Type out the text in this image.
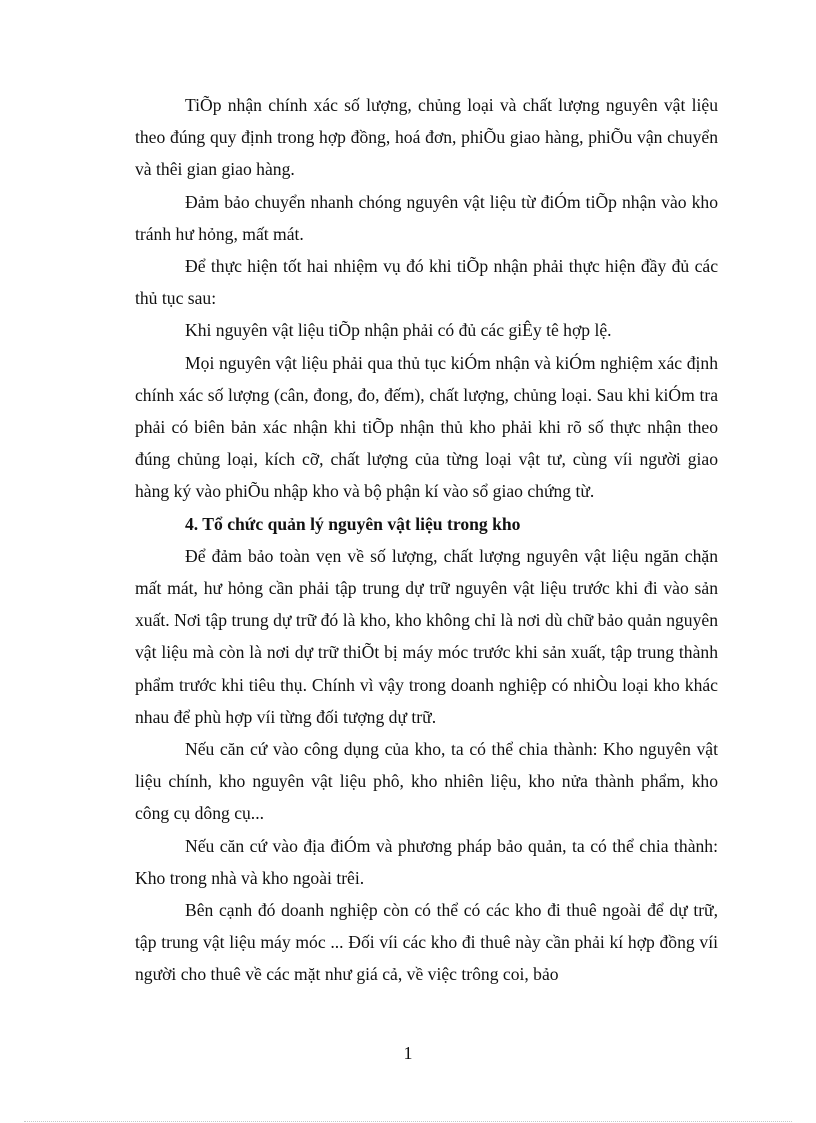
TiÕp nhận chính xác số lượng, chủng loại và chất lượng nguyên vật liệu theo đúng quy định trong hợp đồng, hoá đơn, phiÕu giao hàng, phiÕu vận chuyển và thêi gian giao hàng.

Đảm bảo chuyển nhanh chóng nguyên vật liệu từ điÓm tiÕp nhận vào kho tránh hư hỏng, mất mát.

Để thực hiện tốt hai nhiệm vụ đó khi tiÕp nhận phải thực hiện đầy đủ các thủ tục sau:

Khi nguyên vật liệu tiÕp nhận phải có đủ các giÊy tê hợp lệ.

Mọi nguyên vật liệu phải qua thủ tục kiÓm nhận và kiÓm nghiệm xác định chính xác số lượng (cân, đong, đo, đếm), chất lượng, chủng loại. Sau khi kiÓm tra phải có biên bản xác nhận khi tiÕp nhận thủ kho phải khi rõ số thực nhận theo đúng chủng loại, kích cỡ, chất lượng của từng loại vật tư, cùng víi người giao hàng ký vào phiÕu nhập kho và bộ phận kí vào sổ giao chứng từ.

4. Tổ chức quản lý nguyên vật liệu trong kho

Để đảm bảo toàn vẹn về số lượng, chất lượng nguyên vật liệu ngăn chặn mất mát, hư hỏng cần phải tập trung dự trữ nguyên vật liệu trước khi đi vào sản xuất. Nơi tập trung dự trữ đó là kho, kho không chỉ là nơi dù chữ bảo quản nguyên vật liệu mà còn là nơi dự trữ thiÕt bị máy móc trước khi sản xuất, tập trung thành phẩm trước khi tiêu thụ. Chính vì vậy trong doanh nghiệp có nhiÒu loại kho khác nhau để phù hợp víi từng đối tượng dự trữ.

Nếu căn cứ vào công dụng của kho, ta có thể chia thành: Kho nguyên vật liệu chính, kho nguyên vật liệu phô, kho nhiên liệu, kho nửa thành phẩm, kho công cụ dông cụ...

Nếu căn cứ vào địa điÓm và phương pháp bảo quản, ta có thể chia thành: Kho trong nhà và kho ngoài trêi.

Bên cạnh đó doanh nghiệp còn có thể có các kho đi thuê ngoài để dự trữ, tập trung vật liệu máy móc ... Đối víi các kho đi thuê này cần phải kí hợp đồng víi người cho thuê về các mặt như giá cả, về việc trông coi, bảo

1
